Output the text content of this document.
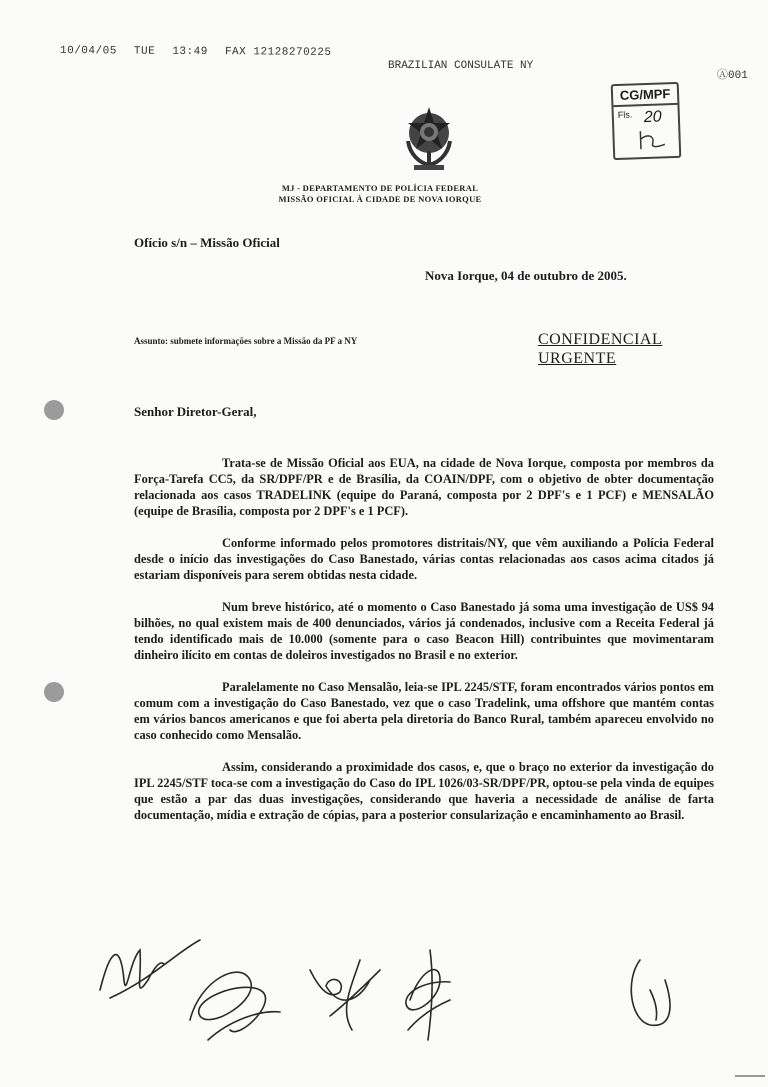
10/04/05 TUE 13:49 FAX 12128270225
BRAZILIAN CONSULATE NY
Ⓐ001
CG/MPF
Fls. 20
MJ - DEPARTAMENTO DE POLÍCIA FEDERAL
MISSÃO OFICIAL À CIDADE DE NOVA IORQUE
Ofício s/n – Missão Oficial
Nova Iorque, 04 de outubro de 2005.
Assunto: submete informações sobre a Missão da PF a NY	CONFIDENCIAL
URGENTE
Senhor Diretor-Geral,

Trata-se de Missão Oficial aos EUA, na cidade de Nova Iorque, composta por membros da Força-Tarefa CC5, da SR/DPF/PR e de Brasília, da COAIN/DPF, com o objetivo de obter documentação relacionada aos casos TRADELINK (equipe do Paraná, composta por 2 DPF's e 1 PCF) e MENSALÃO (equipe de Brasília, composta por 2 DPF's e 1 PCF).

Conforme informado pelos promotores distritais/NY, que vêm auxiliando a Polícia Federal desde o início das investigações do Caso Banestado, várias contas relacionadas aos casos acima citados já estariam disponíveis para serem obtidas nesta cidade.

Num breve histórico, até o momento o Caso Banestado já soma uma investigação de US$ 94 bilhões, no qual existem mais de 400 denunciados, vários já condenados, inclusive com a Receita Federal já tendo identificado mais de 10.000 (somente para o caso Beacon Hill) contribuintes que movimentaram dinheiro ilícito em contas de doleiros investigados no Brasil e no exterior.

Paralelamente no Caso Mensalão, leia-se IPL 2245/STF, foram encontrados vários pontos em comum com a investigação do Caso Banestado, vez que o caso Tradelink, uma offshore que mantém contas em vários bancos americanos e que foi aberta pela diretoria do Banco Rural, também apareceu envolvido no caso conhecido como Mensalão.

Assim, considerando a proximidade dos casos, e, que o braço no exterior da investigação do IPL 2245/STF toca-se com a investigação do Caso do IPL 1026/03-SR/DPF/PR, optou-se pela vinda de equipes que estão a par das duas investigações, considerando que haveria a necessidade de análise de farta documentação, mídia e extração de cópias, para a posterior consularização e encaminhamento ao Brasil.
